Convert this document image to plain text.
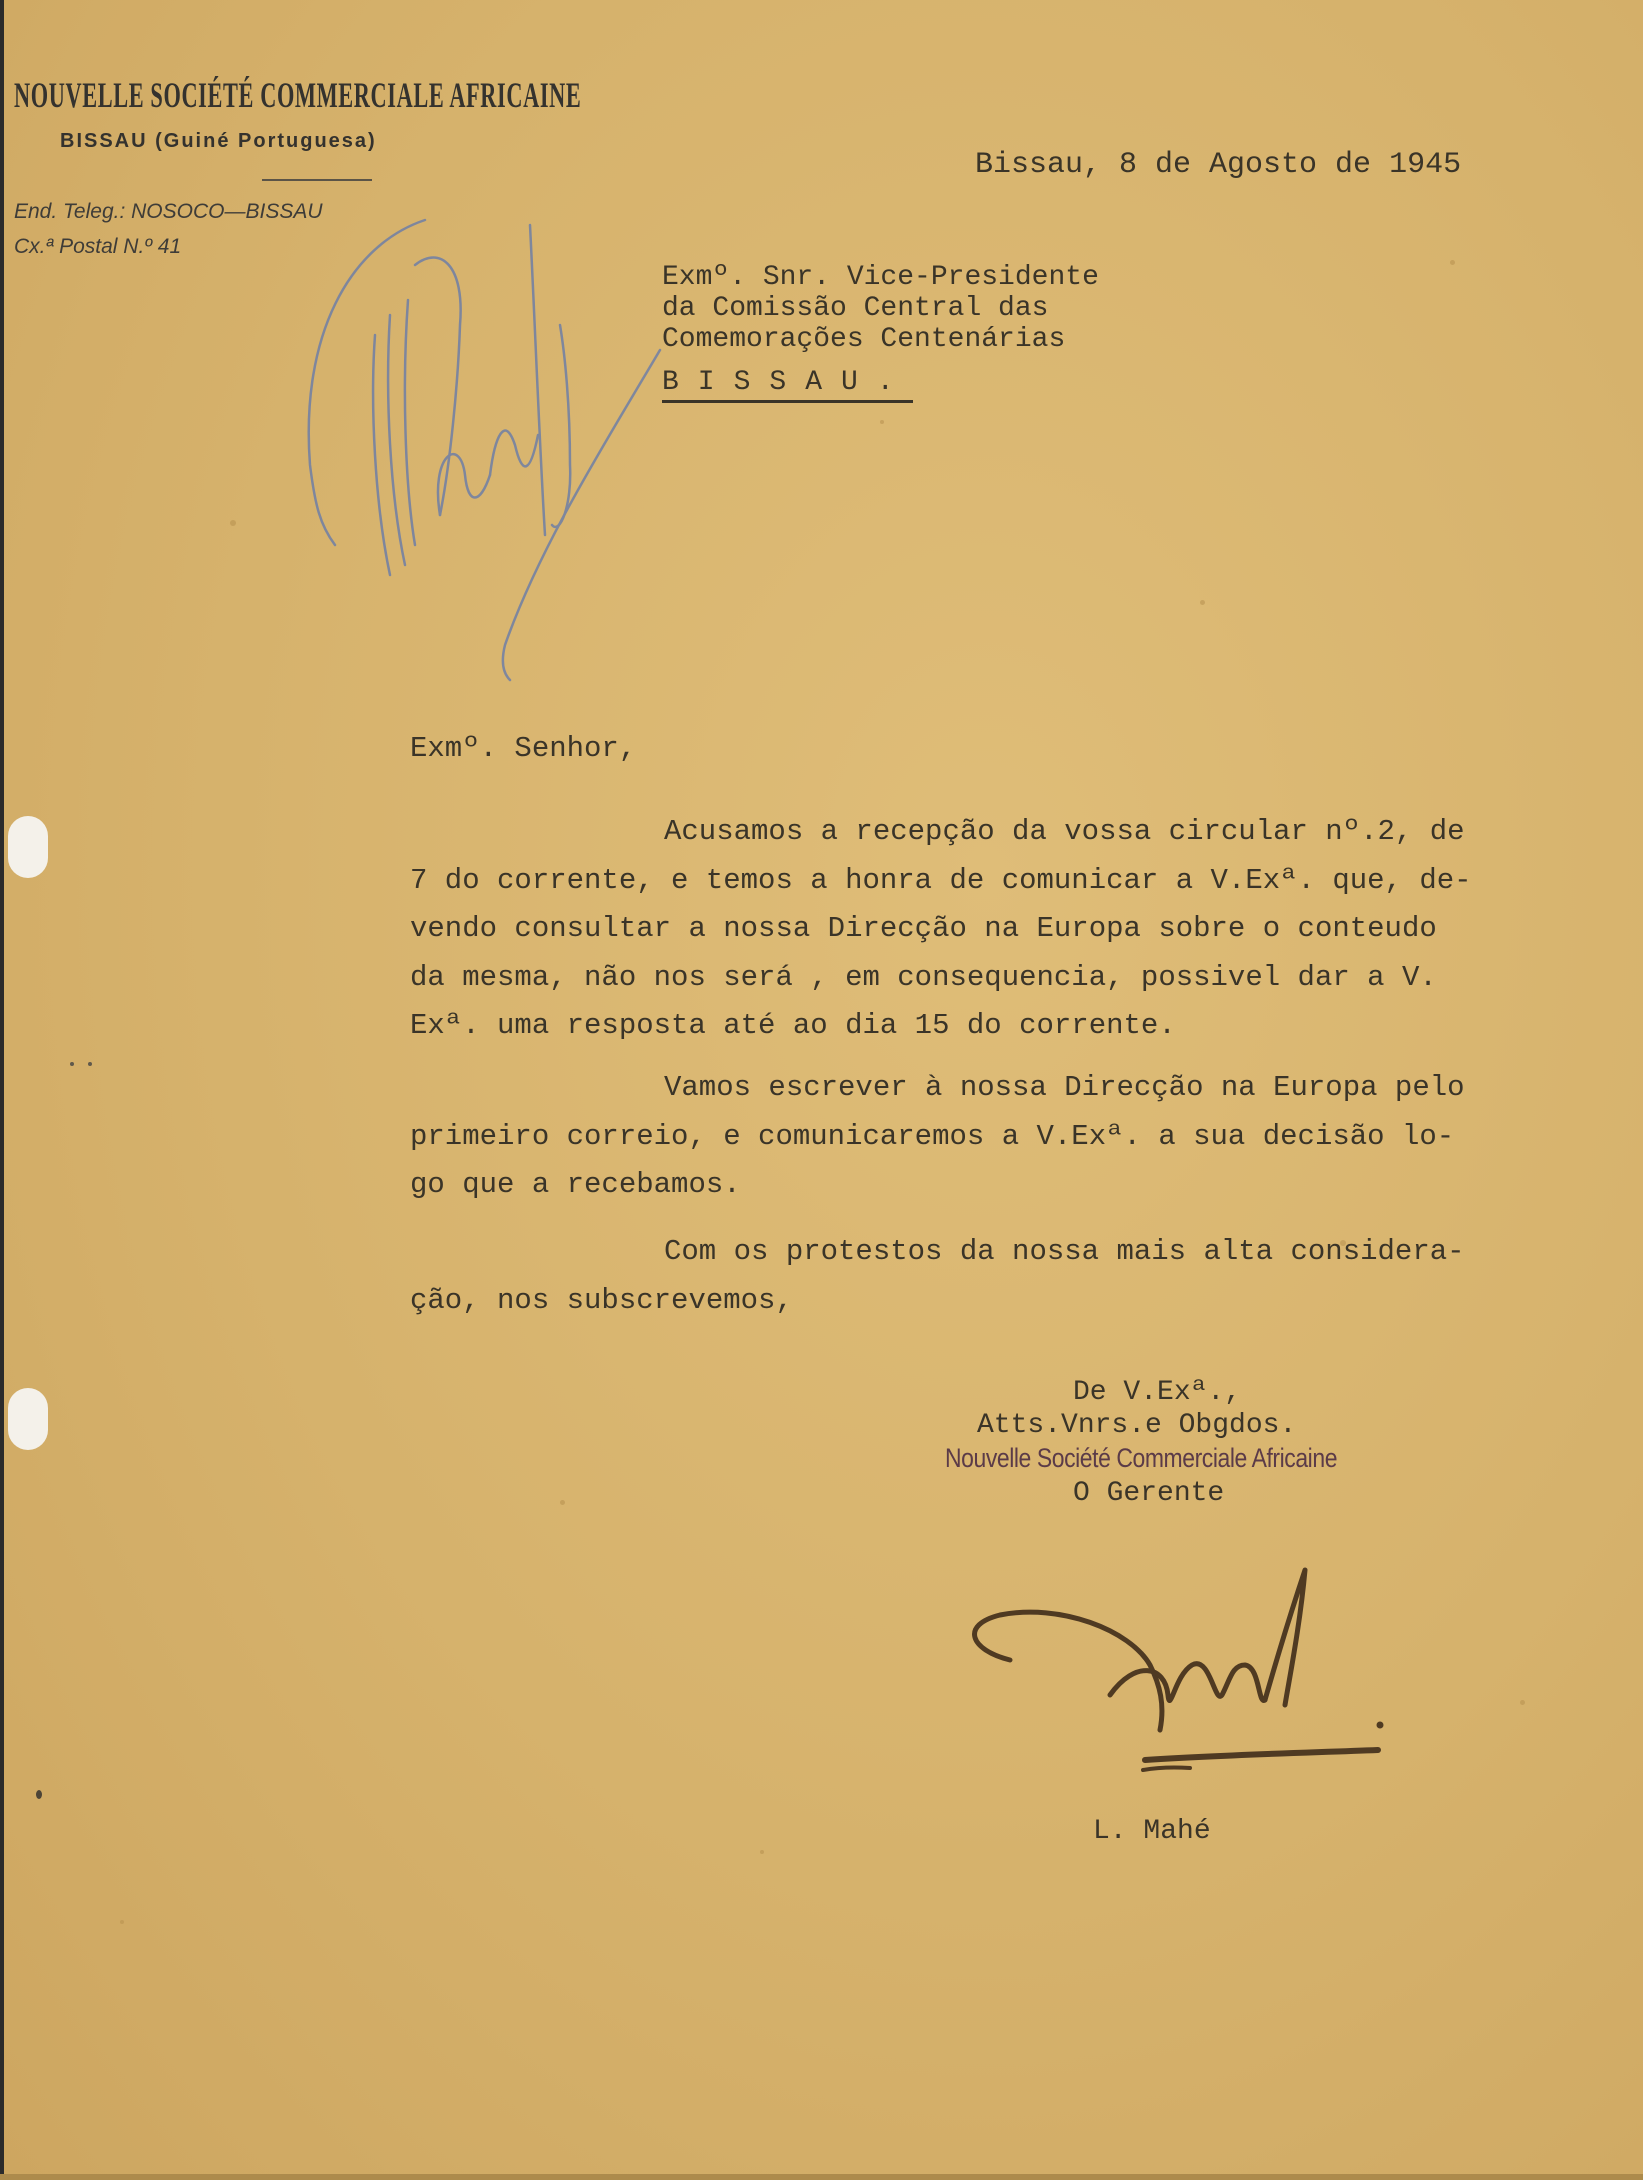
NOUVELLE SOCIÉTÉ COMMERCIALE AFRICAINE
BISSAU (Guiné Portuguesa)
End. Teleg.: NOSOCO—BISSAU
Cx.ª Postal N.º 41
Bissau, 8 de Agosto de 1945
Exmº. Snr. Vice-Presidente
da Comissão Central das
Comemorações Centenárias
BISSAU.
Exmº. Senhor,
Acusamos a recepção da vossa circular nº.2, de
7 do corrente, e temos a honra de comunicar a V.Exª. que, de-
vendo consultar a nossa Direcção na Europa sobre o conteudo
da mesma, não nos será , em consequencia, possivel dar a V.
Exª. uma resposta até ao dia 15 do corrente.
Vamos escrever à nossa Direcção na Europa pelo
primeiro correio, e comunicaremos a V.Exª. a sua decisão lo-
go que a recebamos.
Com os protestos da nossa mais alta considera-
ção, nos subscrevemos,
De V.Exª.,
Atts.Vnrs.e Obgdos.
Nouvelle Société Commerciale Africaine
O Gerente
L. Mahé
